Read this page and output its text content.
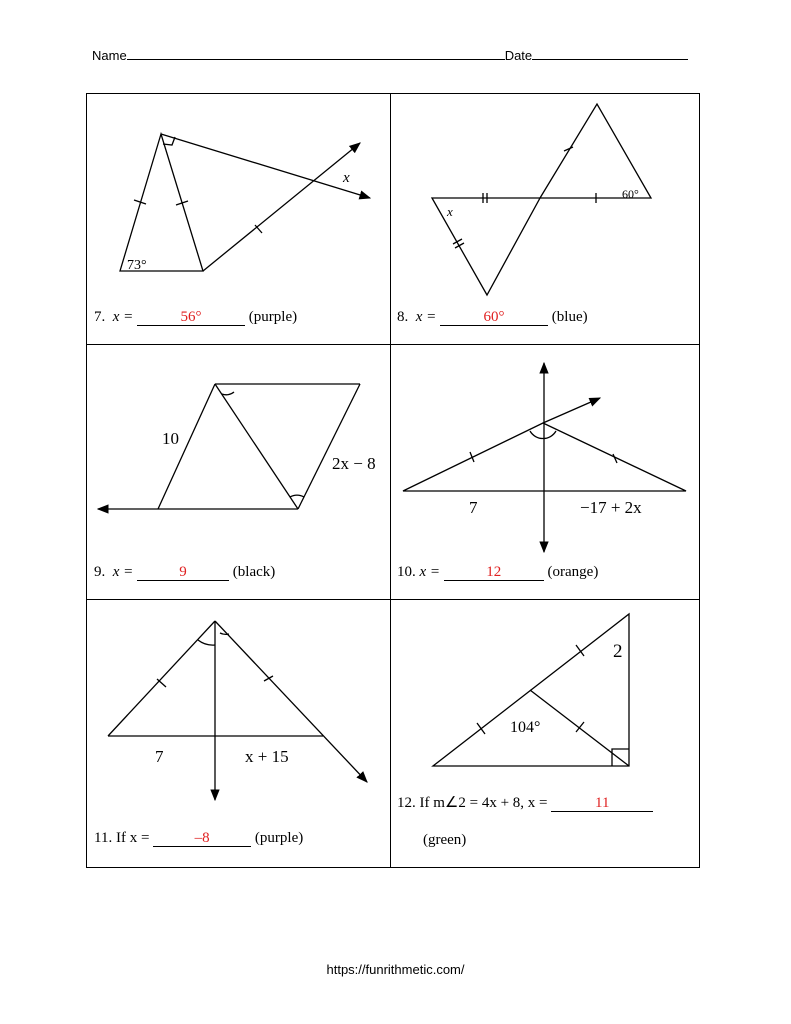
Name	Date
73°
x
60°
x
10
2x − 8
7	−17 + 2x
7	x + 15
104°
2
7. x =	56°	(purple)	8. x =	60°	(blue)
9. x =	9	(black)	10. x =	12	(orange)
11. If x =	–8	(purple)
12. If m∠2 = 4x + 8, x =	11
(green)
https://funrithmetic.com/
